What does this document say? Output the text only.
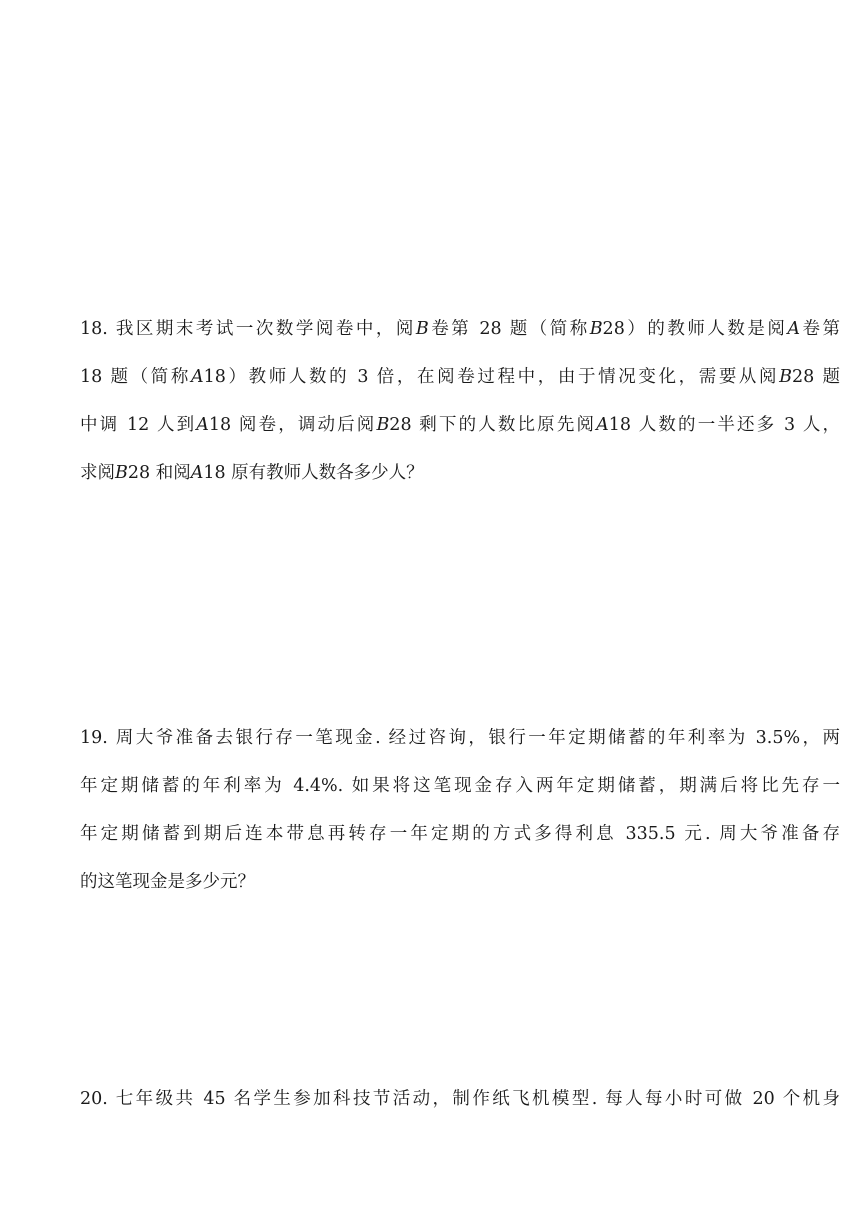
18. 我区期末考试一次数学阅卷中，阅𝐵卷第 28 题（简称𝐵28）的教师人数是阅𝐴卷第
18 题（简称𝐴18）教师人数的 3 倍，在阅卷过程中，由于情况变化，需要从阅𝐵28 题
中调 12 人到𝐴18 阅卷，调动后阅𝐵28 剩下的人数比原先阅𝐴18 人数的一半还多 3 人，
求阅𝐵28 和阅𝐴18 原有教师人数各多少人？

19. 周大爷准备去银行存一笔现金. 经过咨询，银行一年定期储蓄的年利率为 3.5%，两
年定期储蓄的年利率为 4.4%. 如果将这笔现金存入两年定期储蓄，期满后将比先存一
年定期储蓄到期后连本带息再转存一年定期的方式多得利息 335.5 元. 周大爷准备存
的这笔现金是多少元？

20. 七年级共 45 名学生参加科技节活动，制作纸飞机模型. 每人每小时可做 20 个机身
